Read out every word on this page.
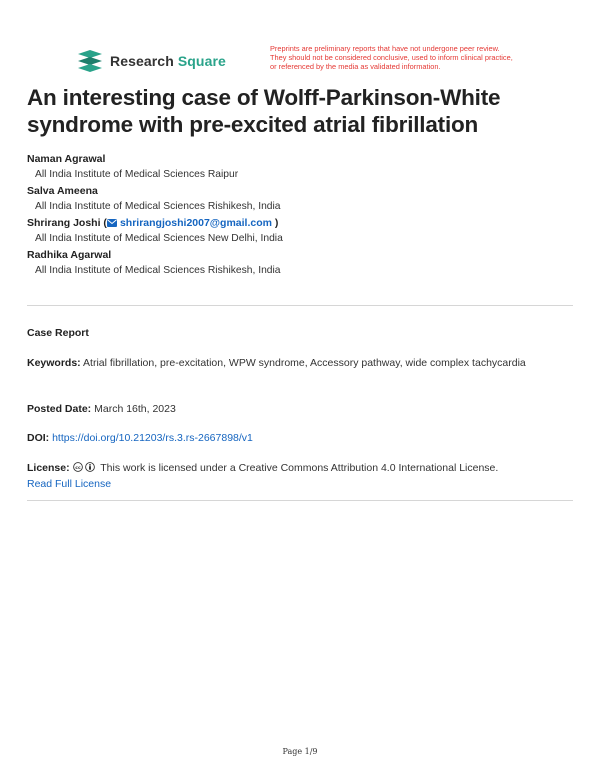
Research Square
Preprints are preliminary reports that have not undergone peer review.
They should not be considered conclusive, used to inform clinical practice,
or referenced by the media as validated information.
An interesting case of Wolff-Parkinson-White syndrome with pre-excited atrial fibrillation
Naman Agrawal
All India Institute of Medical Sciences Raipur
Salva Ameena
All India Institute of Medical Sciences Rishikesh, India
Shrirang Joshi ( shrirangjoshi2007@gmail.com )
All India Institute of Medical Sciences New Delhi, India
Radhika Agarwal
All India Institute of Medical Sciences Rishikesh, India
Case Report
Keywords: Atrial fibrillation, pre-excitation, WPW syndrome, Accessory pathway, wide complex tachycardia
Posted Date: March 16th, 2023
DOI: https://doi.org/10.21203/rs.3.rs-2667898/v1
License: cc This work is licensed under a Creative Commons Attribution 4.0 International License.
Read Full License
Page 1/9
